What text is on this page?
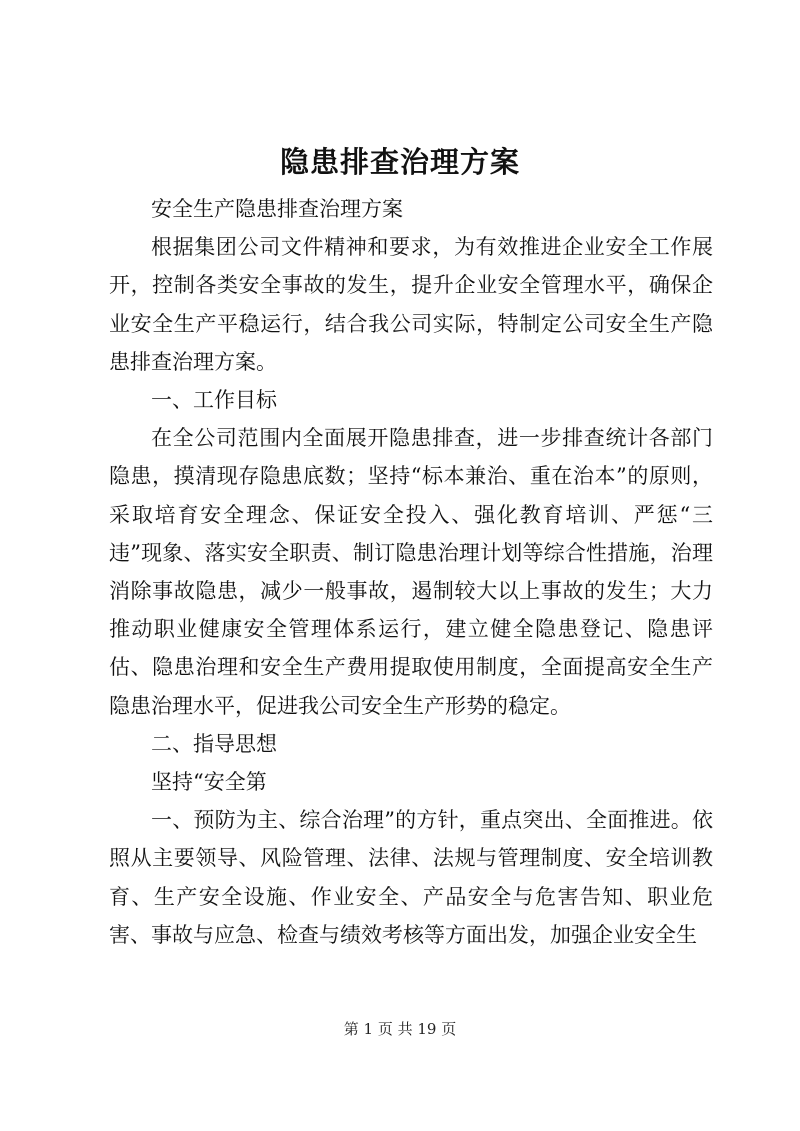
隐患排查治理方案

安全生产隐患排查治理方案

根据集团公司文件精神和要求，为有效推进企业安全工作展开，控制各类安全事故的发生，提升企业安全管理水平，确保企业安全生产平稳运行，结合我公司实际，特制定公司安全生产隐患排查治理方案。

一、工作目标

在全公司范围内全面展开隐患排查，进一步排查统计各部门隐患，摸清现存隐患底数；坚持“标本兼治、重在治本”的原则，采取培育安全理念、保证安全投入、强化教育培训、严惩“三违”现象、落实安全职责、制订隐患治理计划等综合性措施，治理消除事故隐患，减少一般事故，遏制较大以上事故的发生；大力推动职业健康安全管理体系运行，建立健全隐患登记、隐患评估、隐患治理和安全生产费用提取使用制度，全面提高安全生产隐患治理水平，促进我公司安全生产形势的稳定。

二、指导思想

坚持“安全第

一、预防为主、综合治理”的方针，重点突出、全面推进。依照从主要领导、风险管理、法律、法规与管理制度、安全培训教育、生产安全设施、作业安全、产品安全与危害告知、职业危害、事故与应急、检查与绩效考核等方面出发，加强企业安全生

第 1 页 共 19 页
